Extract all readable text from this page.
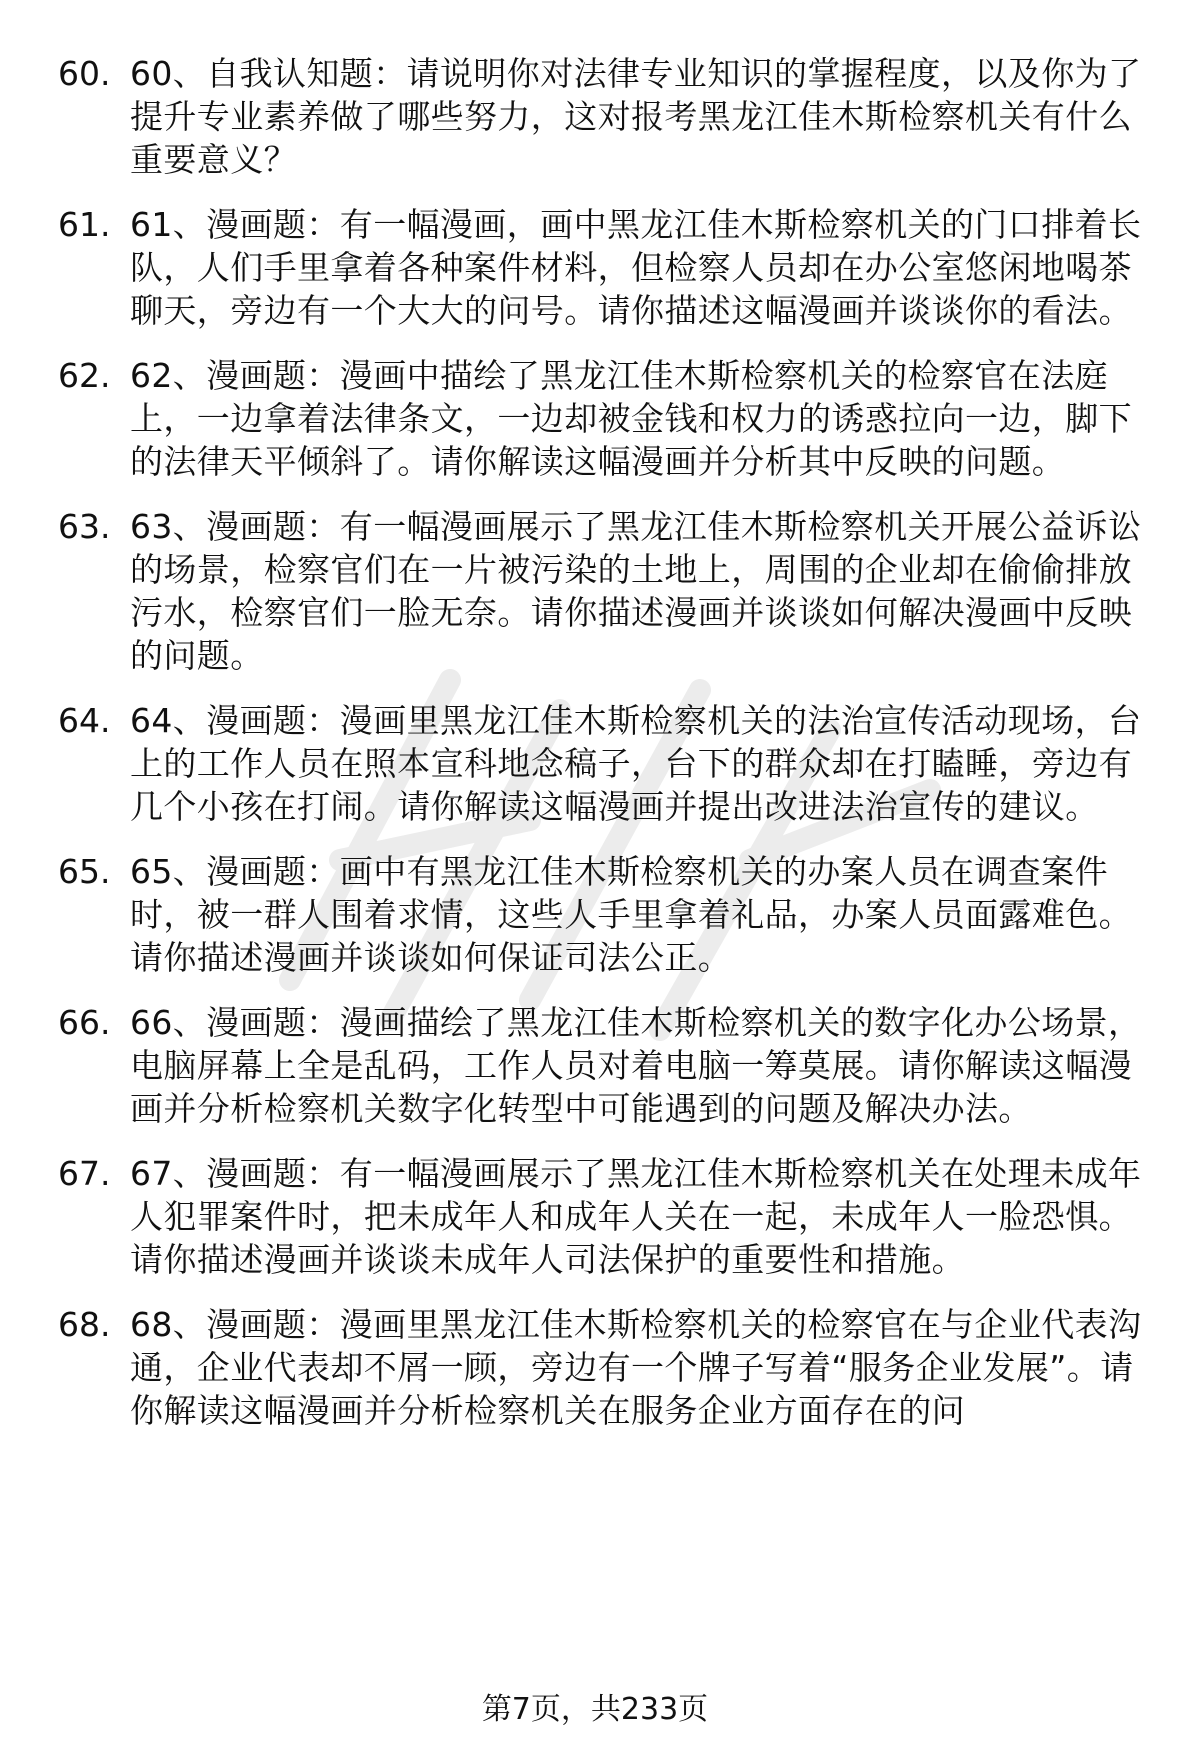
60. 60、自我认知题：请说明你对法律专业知识的掌握程度，以及你为了提升专业素养做了哪些努力，这对报考黑龙江佳木斯检察机关有什么重要意义？
61. 61、漫画题：有一幅漫画，画中黑龙江佳木斯检察机关的门口排着长队，人们手里拿着各种案件材料，但检察人员却在办公室悠闲地喝茶聊天，旁边有一个大大的问号。请你描述这幅漫画并谈谈你的看法。
62. 62、漫画题：漫画中描绘了黑龙江佳木斯检察机关的检察官在法庭上，一边拿着法律条文，一边却被金钱和权力的诱惑拉向一边，脚下的法律天平倾斜了。请你解读这幅漫画并分析其中反映的问题。
63. 63、漫画题：有一幅漫画展示了黑龙江佳木斯检察机关开展公益诉讼的场景，检察官们在一片被污染的土地上，周围的企业却在偷偷排放污水，检察官们一脸无奈。请你描述漫画并谈谈如何解决漫画中反映的问题。
64. 64、漫画题：漫画里黑龙江佳木斯检察机关的法治宣传活动现场，台上的工作人员在照本宣科地念稿子，台下的群众却在打瞌睡，旁边有几个小孩在打闹。请你解读这幅漫画并提出改进法治宣传的建议。
65. 65、漫画题：画中有黑龙江佳木斯检察机关的办案人员在调查案件时，被一群人围着求情，这些人手里拿着礼品，办案人员面露难色。请你描述漫画并谈谈如何保证司法公正。
66. 66、漫画题：漫画描绘了黑龙江佳木斯检察机关的数字化办公场景，电脑屏幕上全是乱码，工作人员对着电脑一筹莫展。请你解读这幅漫画并分析检察机关数字化转型中可能遇到的问题及解决办法。
67. 67、漫画题：有一幅漫画展示了黑龙江佳木斯检察机关在处理未成年人犯罪案件时，把未成年人和成年人关在一起，未成年人一脸恐惧。请你描述漫画并谈谈未成年人司法保护的重要性和措施。
68. 68、漫画题：漫画里黑龙江佳木斯检察机关的检察官在与企业代表沟通，企业代表却不屑一顾，旁边有一个牌子写着“服务企业发展”。请你解读这幅漫画并分析检察机关在服务企业方面存在的问
第7页，共233页
